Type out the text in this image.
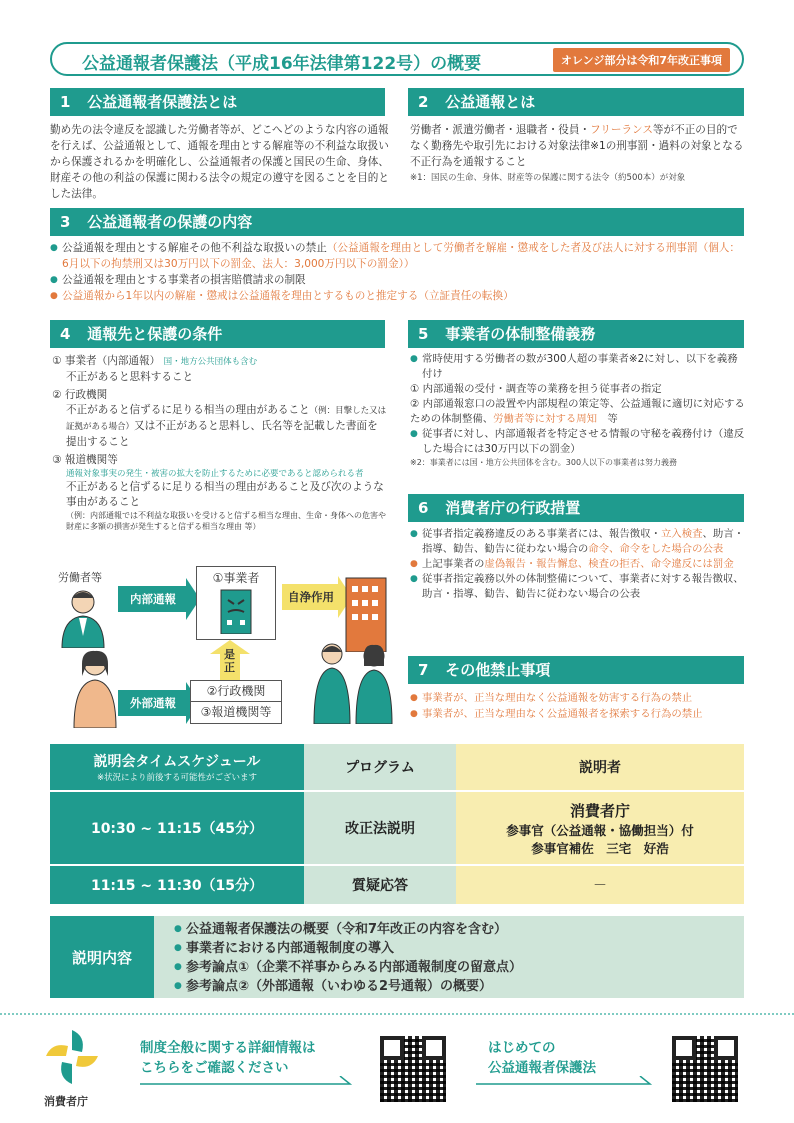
公益通報者保護法（平成16年法律第122号）の概要	オレンジ部分は令和7年改正事項
1 公益通報者保護法とは
勤め先の法令違反を認識した労働者等が、どこへどのような内容の通報を行えば、公益通報として、通報を理由とする解雇等の不利益な取扱いから保護されるかを明確化し、公益通報者の保護と国民の生命、身体、財産その他の利益の保護に関わる法令の規定の遵守を図ることを目的とした法律。
2 公益通報とは
労働者・派遣労働者・退職者・役員・フリーランス等が不正の目的でなく勤務先や取引先における対象法律※1の刑事罰・過料の対象となる不正行為を通報すること
※1：国民の生命、身体、財産等の保護に関する法令（約500本）が対象
3 公益通報者の保護の内容
● 公益通報を理由とする解雇その他不利益な取扱いの禁止（公益通報を理由として労働者を解雇・懲戒をした者及び法人に対する刑事罰（個人：6月以下の拘禁刑又は30万円以下の罰金、法人：3,000万円以下の罰金））
● 公益通報を理由とする事業者の損害賠償請求の制限
● 公益通報から1年以内の解雇・懲戒は公益通報を理由とするものと推定する（立証責任の転換）
4 通報先と保護の条件
① 事業者（内部通報） 国・地方公共団体も含む
不正があると思料すること
② 行政機関
不正があると信ずるに足りる相当の理由があること（例：目撃した又は証拠がある場合）又は不正があると思料し、氏名等を記載した書面を提出すること
③ 報道機関等
通報対象事実の発生・被害の拡大を防止するために必要であると認められる者
不正があると信ずるに足りる相当の理由があること及び次のような事由があること
（例：内部通報では不利益な取扱いを受けると信ずる相当な理由、生命・身体への危害や財産に多額の損害が発生すると信ずる相当な理由 等）
労働者等
内部通報
外部通報
①事業者
自浄作用
是正
②行政機関
③報道機関等
5 事業者の体制整備義務
● 常時使用する労働者の数が300人超の事業者※2に対し、以下を義務付け
① 内部通報の受付・調査等の業務を担う従事者の指定
② 内部通報窓口の設置や内部規程の策定等、公益通報に適切に対応するための体制整備、労働者等に対する周知　等
● 従事者に対し、内部通報者を特定させる情報の守秘を義務付け（違反した場合には30万円以下の罰金）
※2：事業者には国・地方公共団体を含む。300人以下の事業者は努力義務
6 消費者庁の行政措置
● 従事者指定義務違反のある事業者には、報告徴収・立入検査、助言・指導、勧告、勧告に従わない場合の命令、命令をした場合の公表
● 上記事業者の虚偽報告・報告懈怠、検査の拒否、命令違反には罰金
● 従事者指定義務以外の体制整備について、事業者に対する報告徴収、助言・指導、勧告、勧告に従わない場合の公表
7 その他禁止事項
● 事業者が、正当な理由なく公益通報を妨害する行為の禁止
● 事業者が、正当な理由なく公益通報者を探索する行為の禁止
説明会タイムスケジュール
※状況により前後する可能性がございます
プログラム	説明者
10:30 ~ 11:15（45分）	改正法説明
消費者庁
参事官（公益通報・協働担当）付
参事官補佐　三宅　好浩
11:15 ~ 11:30（15分）	質疑応答	－
説明内容
● 公益通報者保護法の概要（令和7年改正の内容を含む）
● 事業者における内部通報制度の導入
● 参考論点①（企業不祥事からみる内部通報制度の留意点）
● 参考論点②（外部通報（いわゆる2号通報）の概要）
消費者庁
制度全般に関する詳細情報は
こちらをご確認ください
はじめての
公益通報者保護法
